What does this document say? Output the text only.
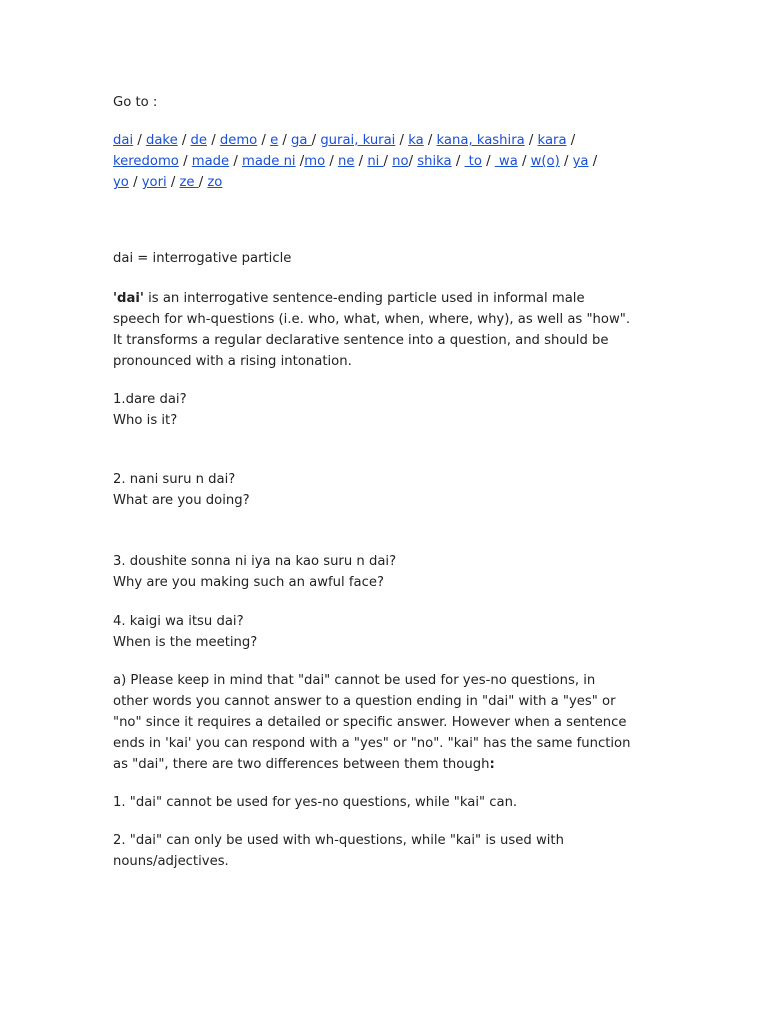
Go to :
dai / dake / de / demo / e / ga / gurai, kurai / ka / kana, kashira / kara /
keredomo / made / made ni /mo / ne / ni / no/ shika /  to /  wa / w(o) / ya /
yo / yori / ze / zo
dai = interrogative particle
'dai' is an interrogative sentence-ending particle used in informal male
speech for wh-questions (i.e. who, what, when, where, why), as well as "how".
It transforms a regular declarative sentence into a question, and should be
pronounced with a rising intonation.
1.dare dai?
Who is it?
2. nani suru n dai?
What are you doing?
3. doushite sonna ni iya na kao suru n dai?
Why are you making such an awful face?
4. kaigi wa itsu dai?
When is the meeting?
a) Please keep in mind that "dai" cannot be used for yes-no questions, in
other words you cannot answer to a question ending in "dai" with a "yes" or
"no" since it requires a detailed or specific answer. However when a sentence
ends in 'kai' you can respond with a "yes" or "no". "kai" has the same function
as "dai", there are two differences between them though:
1. "dai" cannot be used for yes-no questions, while "kai" can.
2. "dai" can only be used with wh-questions, while "kai" is used with
nouns/adjectives.
